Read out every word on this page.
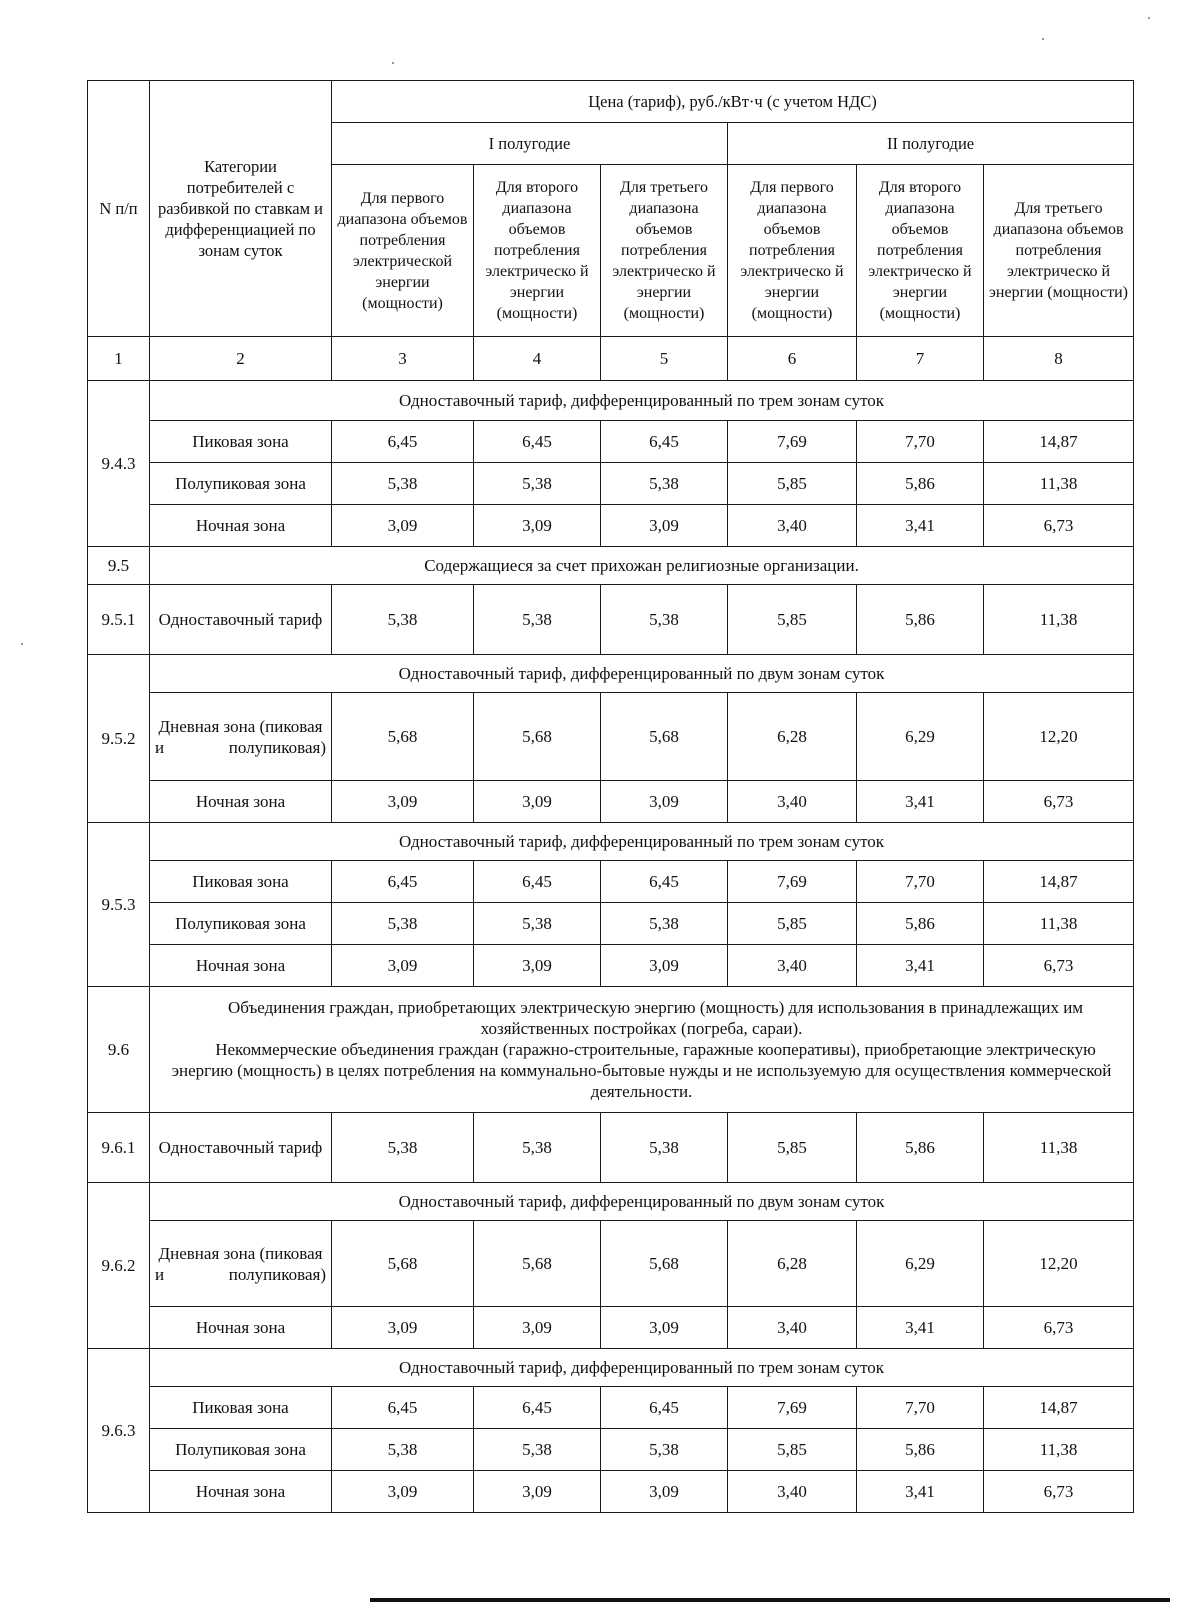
N п/п	Категории потребителей с разбивкой по ставкам и дифференциацией по зонам суток	Цена (тариф), руб./кВт·ч (с учетом НДС)					
		I полугодие			II полугодие		
		Для первого диапазона объемов потребления электрической энергии (мощности)	Для второго диапазона объемов потребления электрическо й энергии (мощности)	Для третьего диапазона объемов потребления электрическо й энергии (мощности)	Для первого диапазона объемов потребления электрическо й энергии (мощности)	Для второго диапазона объемов потребления электрическо й энергии (мощности)	Для третьего диапазона объемов потребления электрическо й энергии (мощности)
1	2	3	4	5	6	7	8
9.4.3	Одноставочный тариф, дифференцированный по трем зонам суток						
	Пиковая зона	6,45	6,45	6,45	7,69	7,70	14,87
	Полупиковая зона	5,38	5,38	5,38	5,85	5,86	11,38
	Ночная зона	3,09	3,09	3,09	3,40	3,41	6,73
9.5	Содержащиеся за счет прихожан религиозные организации.						
9.5.1	Одноставочный тариф	5,38	5,38	5,38	5,85	5,86	11,38
9.5.2	Одноставочный тариф, дифференцированный по двум зонам суток						
	Дневная зона (пиковая и полупиковая)	5,68	5,68	5,68	6,28	6,29	12,20
	Ночная зона	3,09	3,09	3,09	3,40	3,41	6,73
9.5.3	Одноставочный тариф, дифференцированный по трем зонам суток						
	Пиковая зона	6,45	6,45	6,45	7,69	7,70	14,87
	Полупиковая зона	5,38	5,38	5,38	5,85	5,86	11,38
	Ночная зона	3,09	3,09	3,09	3,40	3,41	6,73
9.6	Объединения граждан, приобретающих электрическую энергию (мощность) для использования в принадлежащих им хозяйственных постройках (погреба, сараи).
Некоммерческие объединения граждан (гаражно-строительные, гаражные кооперативы), приобретающие электрическую энергию (мощность) в целях потребления на коммунально-бытовые нужды и не используемую для осуществления коммерческой деятельности.						

9.6.1	Одноставочный тариф	5,38	5,38	5,38	5,85	5,86	11,38
9.6.2	Одноставочный тариф, дифференцированный по двум зонам суток						
	Дневная зона (пиковая и полупиковая)	5,68	5,68	5,68	6,28	6,29	12,20
	Ночная зона	3,09	3,09	3,09	3,40	3,41	6,73
9.6.3	Одноставочный тариф, дифференцированный по трем зонам суток						
	Пиковая зона	6,45	6,45	6,45	7,69	7,70	14,87
	Полупиковая зона	5,38	5,38	5,38	5,85	5,86	11,38
	Ночная зона	3,09	3,09	3,09	3,40	3,41	6,73
